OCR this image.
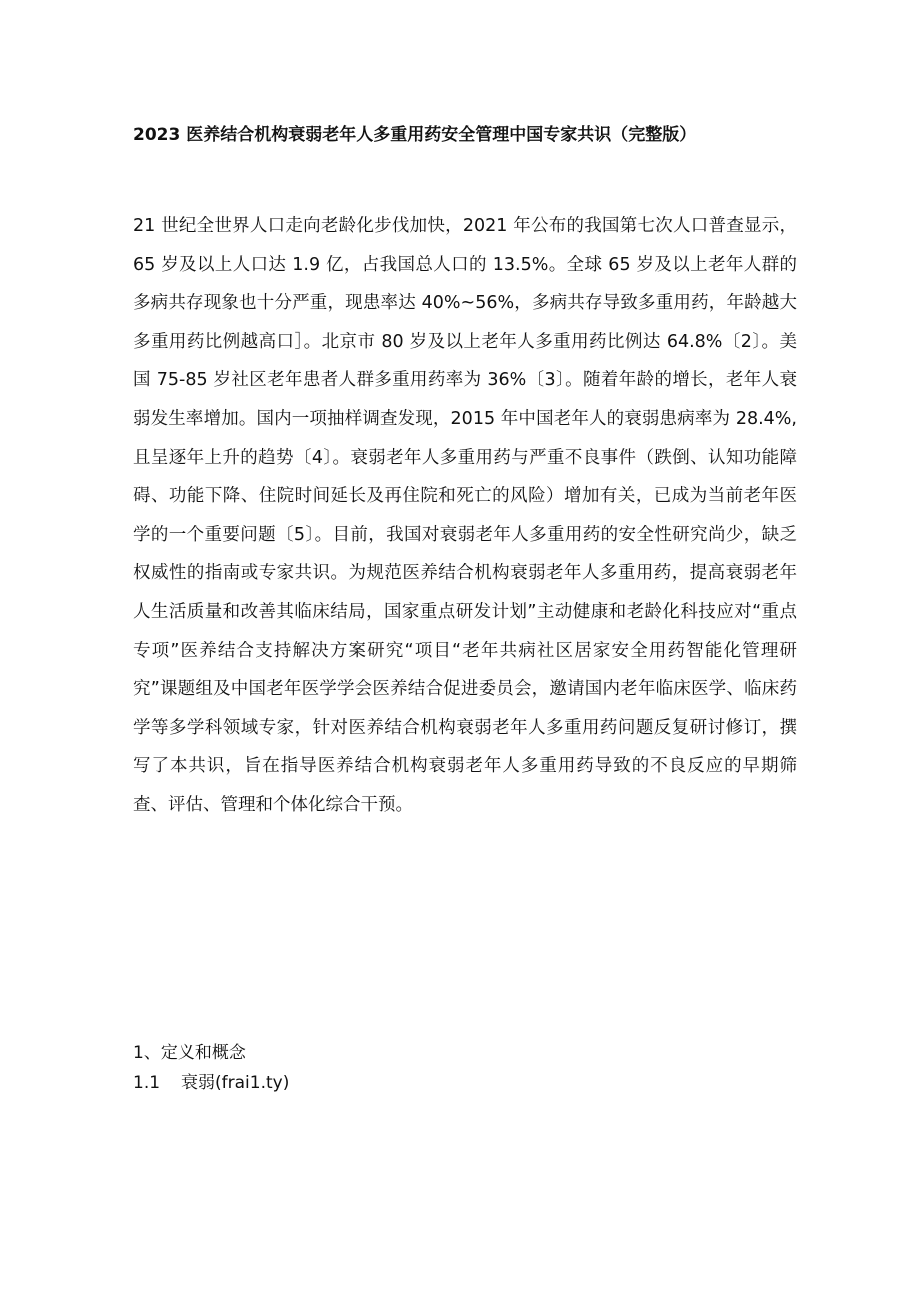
2023 医养结合机构衰弱老年人多重用药安全管理中国专家共识（完整版）

21 世纪全世界人口走向老龄化步伐加快，2021 年公布的我国第七次人口普查显示，65 岁及以上人口达 1.9 亿，占我国总人口的 13.5%。全球 65 岁及以上老年人群的多病共存现象也十分严重，现患率达 40%~56%，多病共存导致多重用药，年龄越大多重用药比例越高口］。北京市 80 岁及以上老年人多重用药比例达 64.8%〔2〕。美国 75-85 岁社区老年患者人群多重用药率为 36%〔3〕。随着年龄的增长，老年人衰弱发生率增加。国内一项抽样调查发现，2015 年中国老年人的衰弱患病率为 28.4%,且呈逐年上升的趋势〔4〕。衰弱老年人多重用药与严重不良事件（跌倒、认知功能障碍、功能下降、住院时间延长及再住院和死亡的风险）增加有关，已成为当前老年医学的一个重要问题〔5〕。目前，我国对衰弱老年人多重用药的安全性研究尚少，缺乏权威性的指南或专家共识。为规范医养结合机构衰弱老年人多重用药，提高衰弱老年人生活质量和改善其临床结局，国家重点研发计划”主动健康和老龄化科技应对“重点专项”医养结合支持解决方案研究“项目“老年共病社区居家安全用药智能化管理研究”课题组及中国老年医学学会医养结合促进委员会，邀请国内老年临床医学、临床药学等多学科领域专家，针对医养结合机构衰弱老年人多重用药问题反复研讨修订，撰写了本共识，旨在指导医养结合机构衰弱老年人多重用药导致的不良反应的早期筛查、评估、管理和个体化综合干预。

1、定义和概念
1.1 衰弱(frai1.ty)
